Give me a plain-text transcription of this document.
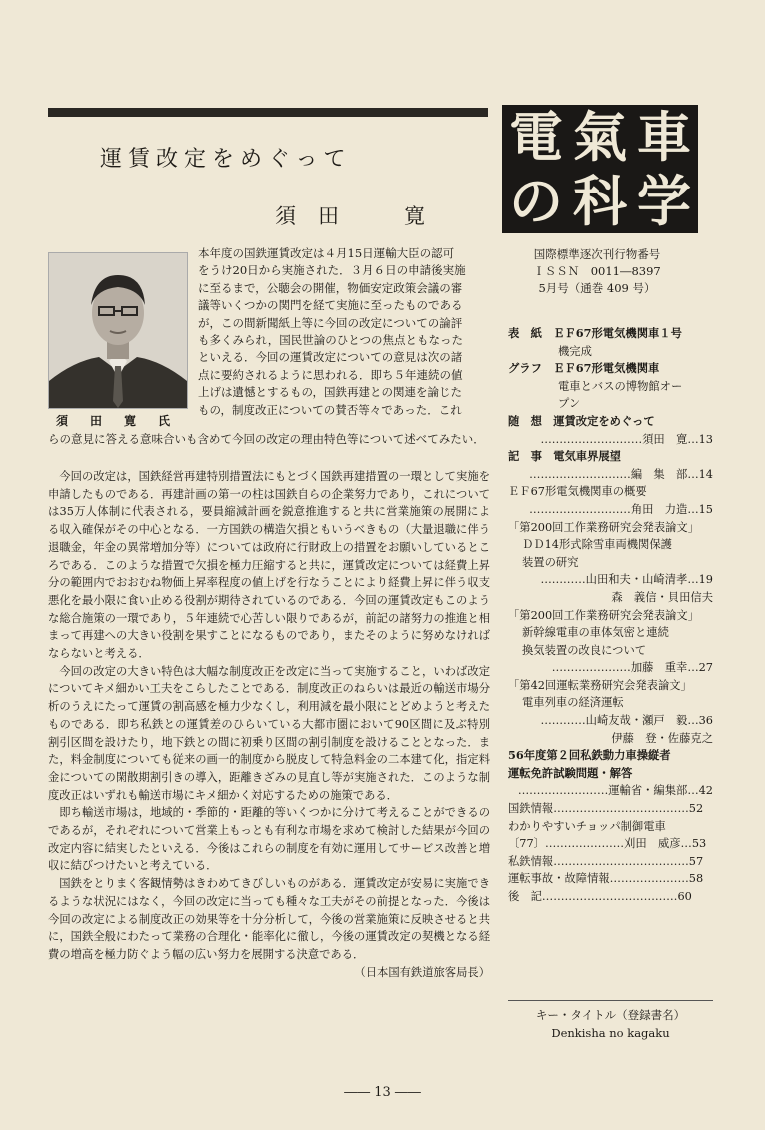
運賃改定をめぐって
須田　寛
須　田　寛　氏
本年度の国鉄運賃改定は４月15日運輸大臣の認可
をうけ20日から実施された．３月６日の申請後実施
に至るまで，公聴会の開催，物価安定政策会議の審
議等いくつかの関門を経て実施に至ったものである
が，この間新聞紙上等に今回の改定についての論評
も多くみられ，国民世論のひとつの焦点ともなった
といえる．今回の運賃改定についての意見は次の諸
点に要約されるように思われる．即ち５年連続の値
上げは遺憾とするもの，国鉄再建との関連を論じた
もの，制度改正についての賛否等々であった．これ
らの意見に答える意味合いも含めて今回の改定の理由特色等について述べてみたい．

今回の改定は，国鉄経営再建特別措置法にもとづく国鉄再建措置の一環として実施を申請したものである．再建計画の第一の柱は国鉄自らの企業努力であり，これについては35万人体制に代表される，要員縮減計画を鋭意推進すると共に営業施策の展開による収入確保がその中心となる．一方国鉄の構造欠損ともいうべきもの（大量退職に伴う退職金，年金の異常増加分等）については政府に行財政上の措置をお願いしているところである．このような措置で欠損を極力圧縮すると共に，運賃改定については経費上昇分の範囲内でおおむね物価上昇率程度の値上げを行なうことにより経費上昇に伴う収支悪化を最小限に食い止める役割が期待されているのである．今回の運賃改定もこのような総合施策の一環であり，５年連続で心苦しい限りであるが，前記の諸努力の推進と相まって再建への大きい役割を果すことになるものであり，またそのように努めなければならないと考える．

今回の改定の大きい特色は大幅な制度改正を改定に当って実施すること，いわば改定についてキメ細かい工夫をこらしたことである．制度改正のねらいは最近の輸送市場分析のうえにたって運賃の割高感を極力少なくし，利用減を最小限にとどめようと考えたものである．即ち私鉄との運賃差のひらいている大都市圏において90区間に及ぶ特別割引区間を設けたり，地下鉄との間に初乗り区間の割引制度を設けることとなった．また，料金制度についても従来の画一的制度から脱皮して特急料金の二本建て化，指定料金についての閑散期割引きの導入，距離きざみの見直し等が実施された．このような制度改正はいずれも輸送市場にキメ細かく対応するための施策である．

即ち輸送市場は，地域的・季節的・距離的等いくつかに分けて考えることができるのであるが，それぞれについて営業上もっとも有利な市場を求めて検討した結果が今回の改定内容に結実したといえる．今後はこれらの制度を有効に運用してサービス改善と増収に結びつけたいと考えている．

国鉄をとりまく客観情勢はきわめてきびしいものがある．運賃改定が安易に実施できるような状況にはなく，今回の改定に当っても種々な工夫がその前提となった．今後は今回の改定による制度改正の効果等を十分分析して，今後の営業施策に反映させると共に，国鉄全般にわたって業務の合理化・能率化に徹し，今後の運賃改定の契機となる経費の増高を極力防ぐよう幅の広い努力を展開する決意である．

（日本国有鉄道旅客局長）

電 氣 車
の 科 学
国際標準逐次刊行物番号
ＩＳＳＮ　0011―8397
5月号（通巻 409 号）
表　紙　ＥＦ67形電気機関車１号
機完成
グラフ　ＥＦ67形電気機関車
電車とバスの博物館オー
プン
随　想　運賃改定をめぐって
………………………須田　寛…13
記　事　電気車界展望
………………………編　集　部…14
ＥＦ67形電気機関車の概要
………………………角田　力造…15
「第200回工作業務研究会発表論文」
ＤＤ14形式除雪車両機関保護
装置の研究
…………山田和夫・山崎清孝…19
森　義信・貝田信夫
「第200回工作業務研究会発表論文」
新幹線電車の車体気密と連続
換気装置の改良について
…………………加藤　重幸…27
「第42回運転業務研究会発表論文」
電車列車の経済運転
…………山崎友哉・瀬戸　毅…36
伊藤　登・佐藤克之
56年度第２回私鉄動力車操縦者
運転免許試験問題・解答
……………………運輸省・編集部…42
国鉄情報………………………………52
わかりやすいチョッパ制御電車
〔77〕…………………刈田　威彦…53
私鉄情報………………………………57
運転事故・故障情報…………………58
後　記………………………………60
キー・タイトル（登録書名）
Denkisha no kagaku
―― 13 ――
